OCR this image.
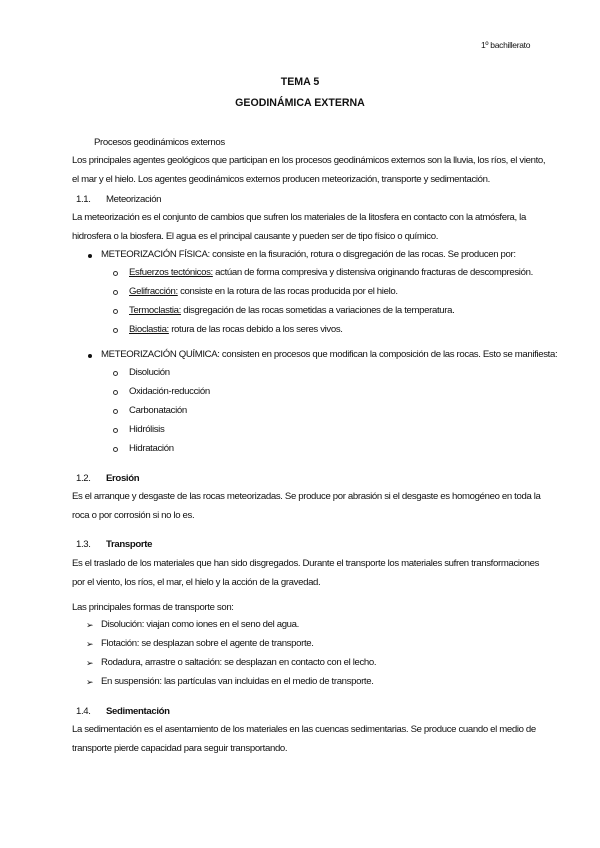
1º bachillerato
TEMA 5
GEODINÁMICA EXTERNA
Procesos geodinámicos externos
Los principales agentes geológicos que participan en los procesos geodinámicos externos son la lluvia, los ríos, el viento,
el mar y el hielo. Los agentes geodinámicos externos producen meteorización, transporte y sedimentación.
1.1. Meteorización
La meteorización es el conjunto de cambios que sufren los materiales de la litosfera en contacto con la atmósfera, la
hidrosfera o la biosfera. El agua es el principal causante y pueden ser de tipo físico o químico.
METEORIZACIÓN FÍSICA: consiste en la fisuración, rotura o disgregación de las rocas. Se producen por:
Esfuerzos tectónicos: actúan de forma compresiva y distensiva originando fracturas de descompresión.
Gelifracción: consiste en la rotura de las rocas producida por el hielo.
Termoclastia: disgregación de las rocas sometidas a variaciones de la temperatura.
Bioclastia: rotura de las rocas debido a los seres vivos.
METEORIZACIÓN QUÍMICA: consisten en procesos que modifican la composición de las rocas. Esto se manifiesta:
Disolución
Oxidación-reducción
Carbonatación
Hidrólisis
Hidratación
1.2. Erosión
Es el arranque y desgaste de las rocas meteorizadas. Se produce por abrasión si el desgaste es homogéneo en toda la
roca o por corrosión si no lo es.
1.3. Transporte
Es el traslado de los materiales que han sido disgregados. Durante el transporte los materiales sufren transformaciones
por el viento, los ríos, el mar, el hielo y la acción de la gravedad.
Las principales formas de transporte son:
➢ Disolución: viajan como iones en el seno del agua.
➢ Flotación: se desplazan sobre el agente de transporte.
➢ Rodadura, arrastre o saltación: se desplazan en contacto con el lecho.
➢ En suspensión: las partículas van incluidas en el medio de transporte.
1.4. Sedimentación
La sedimentación es el asentamiento de los materiales en las cuencas sedimentarias. Se produce cuando el medio de
transporte pierde capacidad para seguir transportando.
